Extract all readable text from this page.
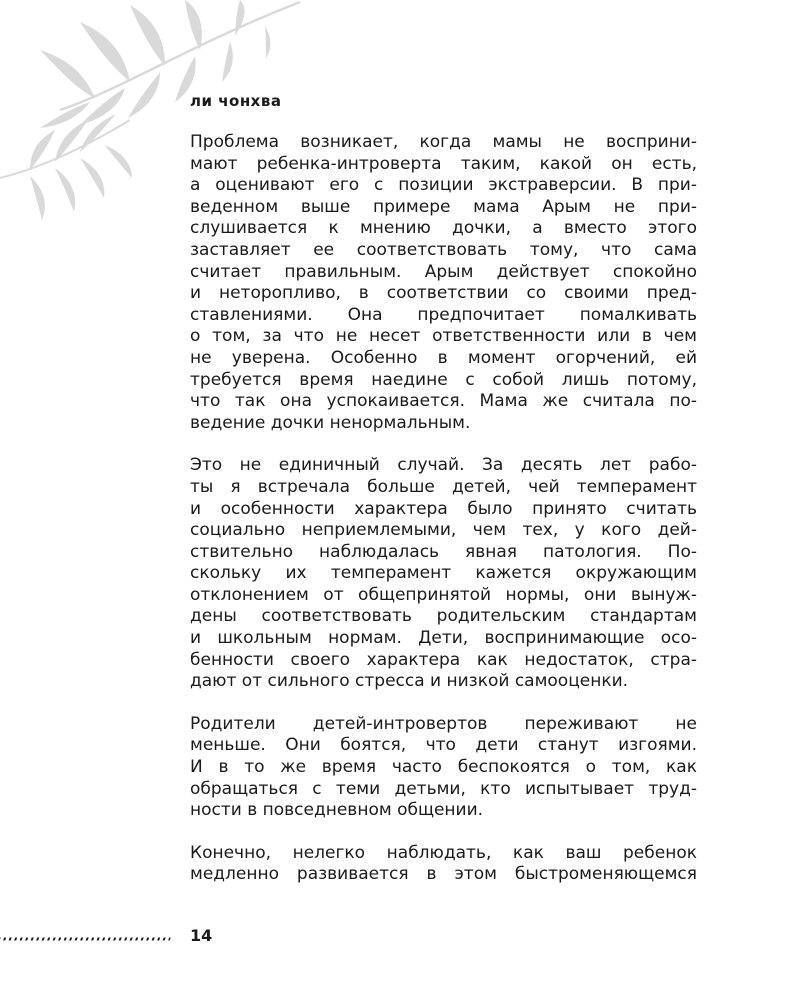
ли чонхва

Проблема возникает, когда мамы не восприни-
мают ребенка-интроверта таким, какой он есть,
а оценивают его с позиции экстраверсии. В при-
веденном выше примере мама Арым не при-
слушивается к мнению дочки, а вместо этого
заставляет ее соответствовать тому, что сама
считает правильным. Арым действует спокойно
и неторопливо, в соответствии со своими пред-
ставлениями. Она предпочитает помалкивать
о том, за что не несет ответственности или в чем
не уверена. Особенно в момент огорчений, ей
требуется время наедине с собой лишь потому,
что так она успокаивается. Мама же считала по-
ведение дочки ненормальным.

Это не единичный случай. За десять лет рабо-
ты я встречала больше детей, чей темперамент
и особенности характера было принято считать
социально неприемлемыми, чем тех, у кого дей-
ствительно наблюдалась явная патология. По-
скольку их темперамент кажется окружающим
отклонением от общепринятой нормы, они вынуж-
дены соответствовать родительским стандартам
и школьным нормам. Дети, воспринимающие осо-
бенности своего характера как недостаток, стра-
дают от сильного стресса и низкой самооценки.

Родители детей-интровертов переживают не
меньше. Они боятся, что дети станут изгоями.
И в то же время часто беспокоятся о том, как
обращаться с теми детьми, кто испытывает труд-
ности в повседневном общении.

Конечно, нелегко наблюдать, как ваш ребенок
медленно развивается в этом быстроменяющемся

14
